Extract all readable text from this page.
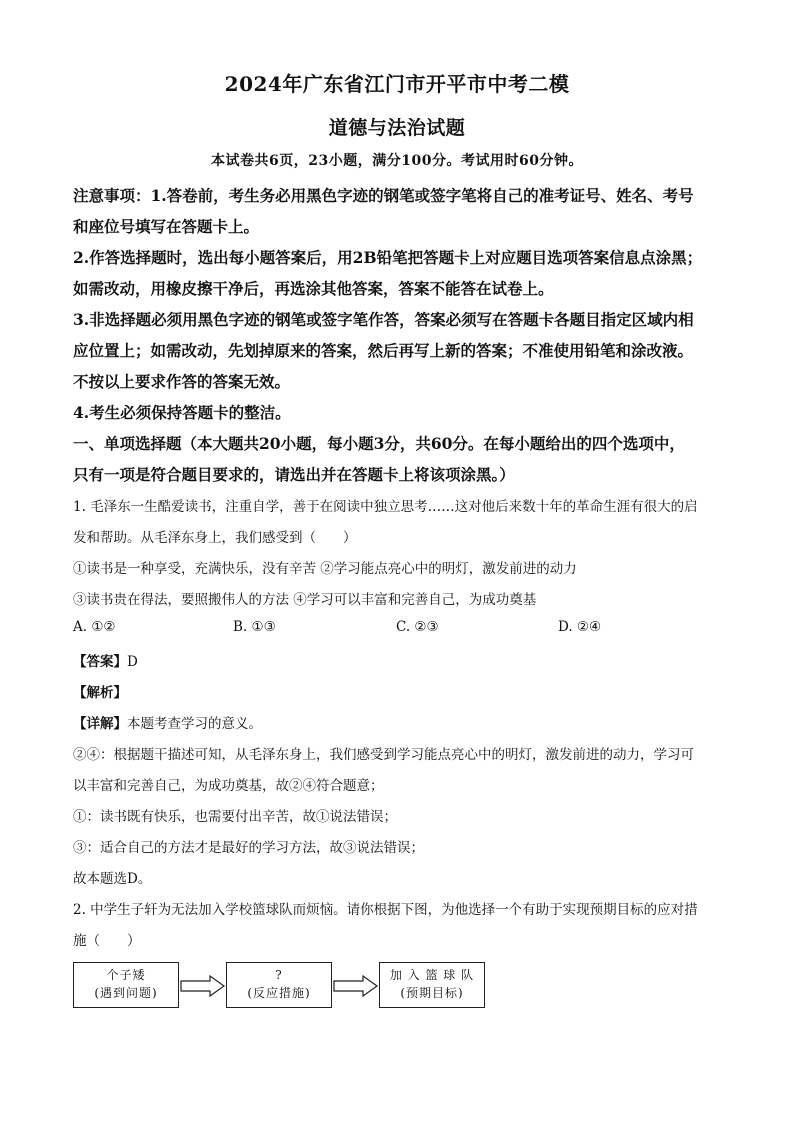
2024年广东省江门市开平市中考二模
道德与法治试题
本试卷共6页，23小题，满分100分。考试用时60分钟。
注意事项：1.答卷前，考生务必用黑色字迹的钢笔或签字笔将自己的准考证号、姓名、考号
和座位号填写在答题卡上。
2.作答选择题时，选出每小题答案后，用2B铅笔把答题卡上对应题目选项答案信息点涂黑；
如需改动，用橡皮擦干净后，再选涂其他答案，答案不能答在试卷上。
3.非选择题必须用黑色字迹的钢笔或签字笔作答，答案必须写在答题卡各题目指定区域内相
应位置上；如需改动，先划掉原来的答案，然后再写上新的答案；不准使用铅笔和涂改液。
不按以上要求作答的答案无效。
4.考生必须保持答题卡的整洁。
一、单项选择题（本大题共20小题，每小题3分，共60分。在每小题给出的四个选项中，
只有一项是符合题目要求的，请选出并在答题卡上将该项涂黑。）
1. 毛泽东一生酷爱读书，注重自学，善于在阅读中独立思考……这对他后来数十年的革命生涯有很大的启
发和帮助。从毛泽东身上，我们感受到（　　）
①读书是一种享受，充满快乐，没有辛苦 ②学习能点亮心中的明灯，激发前进的动力
③读书贵在得法，要照搬伟人的方法 ④学习可以丰富和完善自己，为成功奠基
A. ①②	B. ①③	C. ②③	D. ②④
【答案】D
【解析】
【详解】本题考查学习的意义。
②④：根据题干描述可知，从毛泽东身上，我们感受到学习能点亮心中的明灯，激发前进的动力，学习可
以丰富和完善自己，为成功奠基，故②④符合题意；
①：读书既有快乐，也需要付出辛苦，故①说法错误；
③：适合自己的方法才是最好的学习方法，故③说法错误；
故本题选D。
2. 中学生子轩为无法加入学校篮球队而烦恼。请你根据下图，为他选择一个有助于实现预期目标的应对措
施（　　）
个子矮
(遇到问题)
?
(反应措施)
加 入 篮 球 队
(预期目标)
